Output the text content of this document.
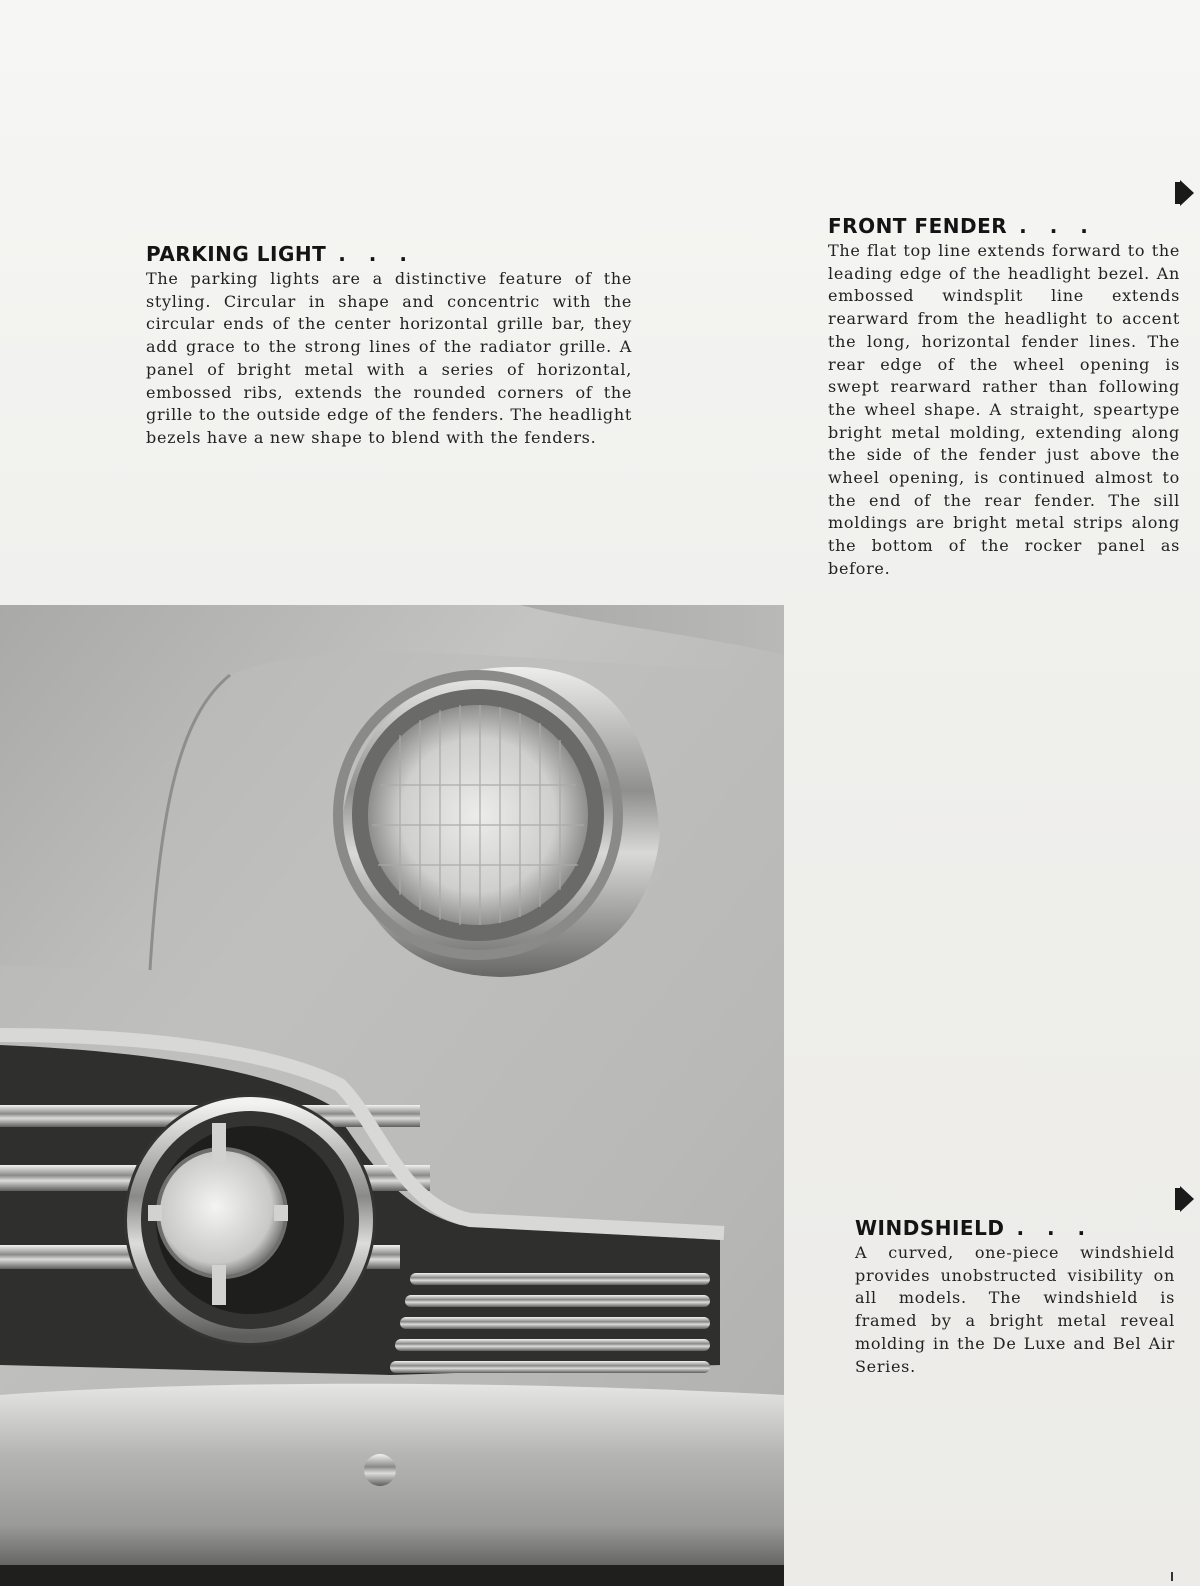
PARKING LIGHT . . .
The parking lights are a distinctive feature of the styling. Circular in shape and concentric with the circular ends of the center horizontal grille bar, they add grace to the strong lines of the radiator grille. A panel of bright metal with a series of horizontal, embossed ribs, extends the rounded corners of the grille to the outside edge of the fenders. The headlight bezels have a new shape to blend with the fenders.
FRONT FENDER . . .
The flat top line extends forward to the leading edge of the headlight bezel. An embossed windsplit line extends rearward from the headlight to accent the long, horizontal fender lines. The rear edge of the wheel opening is swept rearward rather than following the wheel shape. A straight, speartype bright metal molding, extending along the side of the fender just above the wheel opening, is continued almost to the end of the rear fender. The sill moldings are bright metal strips along the bottom of the rocker panel as before.
WINDSHIELD . . .
A curved, one-piece windshield provides unobstructed visibility on all models. The windshield is framed by a bright metal reveal molding in the De Luxe and Bel Air Series.
